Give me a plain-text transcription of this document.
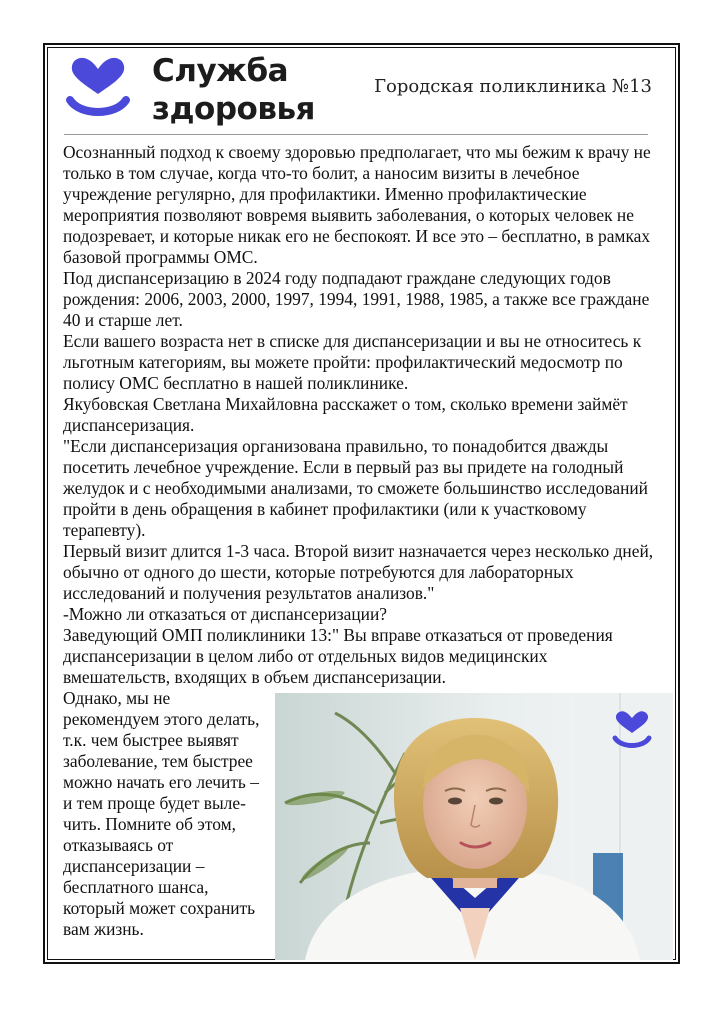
Служба
здоровья
Городская поликлиника №13

Осознанный подход к своему здоровью предполагает, что мы бежим к врачу не только в том случае, когда что-то болит, а наносим визиты в лечебное учреждение регулярно, для профилактики. Именно профилактические мероприятия позволяют вовремя выявить заболевания, о которых человек не подозревает, и которые никак его не беспокоят. И все это – бесплатно, в рамках базовой программы ОМС.

Под диспансеризацию в 2024 году подпадают граждане следующих годов рождения: 2006, 2003, 2000, 1997, 1994, 1991, 1988, 1985, а также все граждане 40 и старше лет.

Если вашего возраста нет в списке для диспансеризации и вы не относитесь к льготным категориям, вы можете пройти: профилактический медосмотр по полису ОМС бесплатно в нашей поликлинике.

Якубовская Светлана Михайловна расскажет о том, сколько времени займёт диспансеризация.

"Если диспансеризация организована правильно, то понадобится дважды посетить лечебное учреждение. Если в первый раз вы придете на голодный желудок и с необходимыми анализами, то сможете большинство исследований пройти в день обращения в кабинет профилактики (или к участковому терапевту).

Первый визит длится 1-3 часа. Второй визит назначается через несколько дней, обычно от одного до шести, которые потребуются для лабораторных исследований и получения результатов анализов."

-Можно ли отказаться от диспансеризации?

Заведующий ОМП поликлиники 13:" Вы вправе отказаться от проведения диспансеризации в целом либо от отдельных видов медицинских вмешательств, входящих в объем диспансеризации.

Однако, мы не

рекомендуем этого делать,

т.к. чем быстрее выявят

заболевание, тем быстрее

можно начать его лечить –

и тем проще будет выле-

чить. Помните об этом,

отказываясь от

диспансеризации –

бесплатного шанса,

который может сохранить

вам жизнь.
